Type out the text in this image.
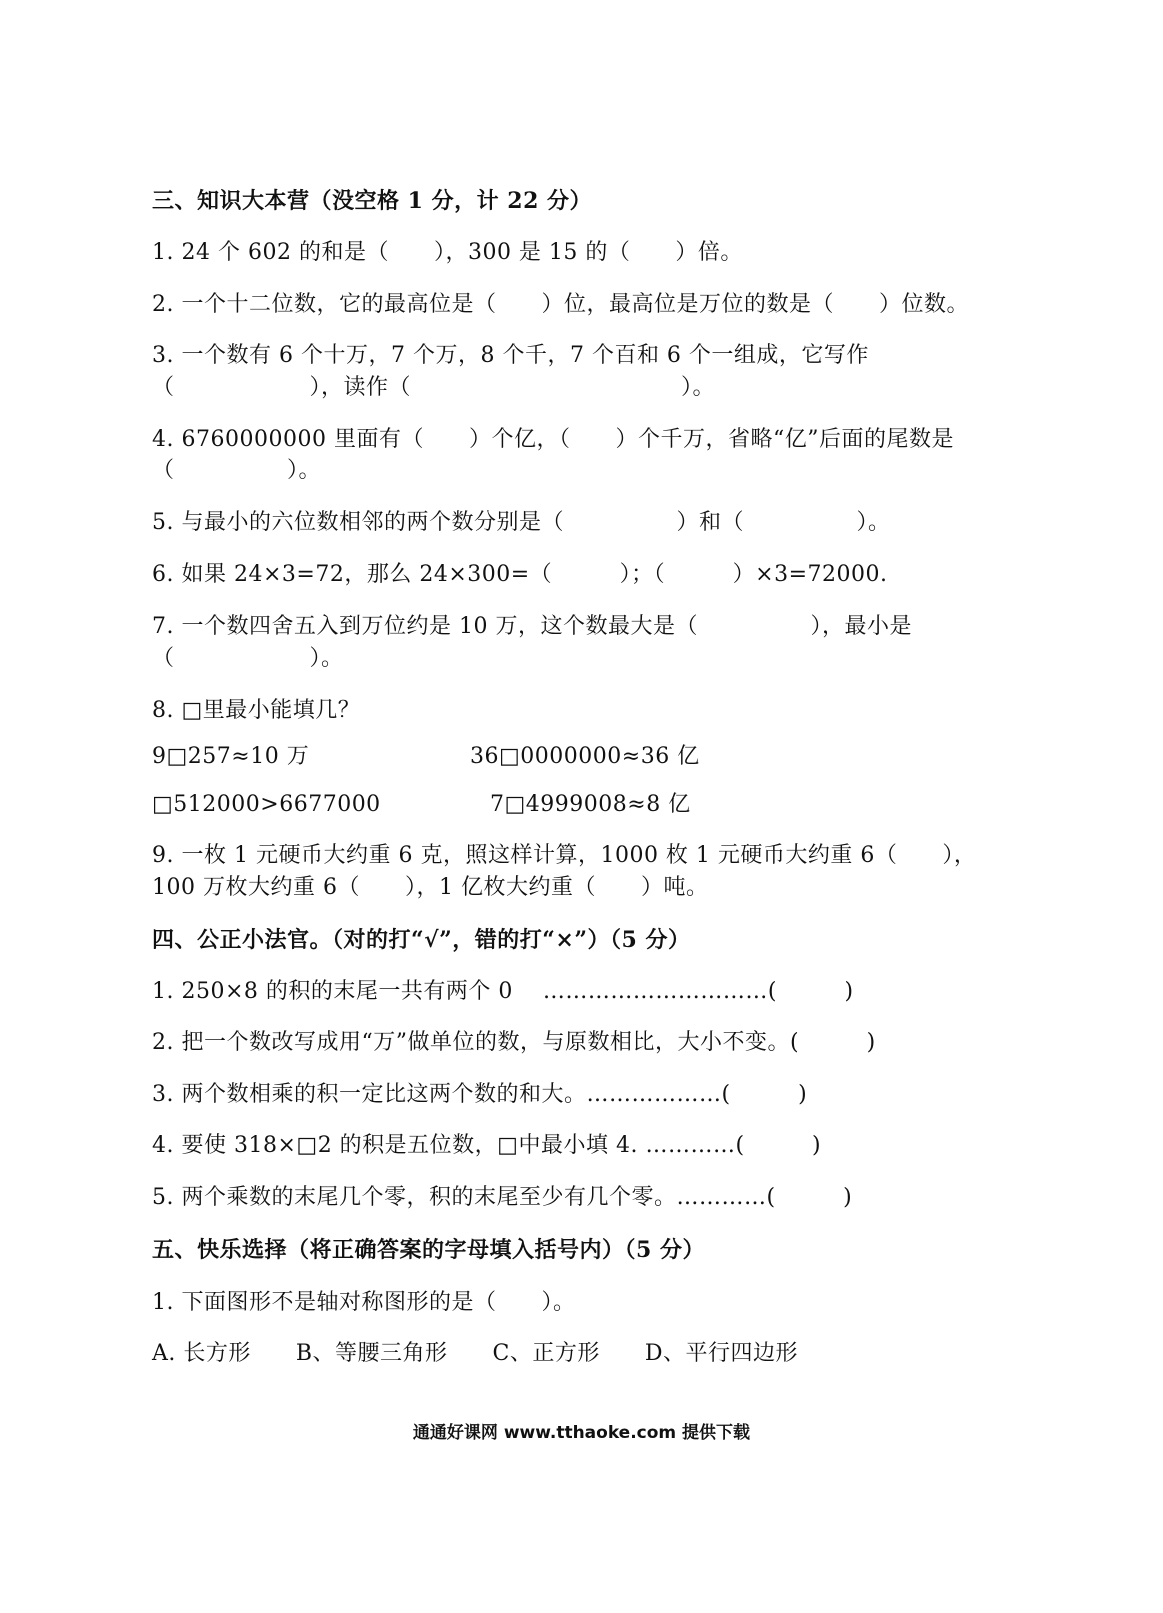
三、知识大本营（没空格 1 分，计 22 分）
1. 24 个 602 的和是（　　），300 是 15 的（　　）倍。
2. 一个十二位数，它的最高位是（　　）位，最高位是万位的数是（　　）位数。
3. 一个数有 6 个十万，7 个万，8 个千，7 个百和 6 个一组成，它写作
（　　　　　　），读作（　　　　　　　　　　　　）。
4. 6760000000 里面有（　　）个亿，（　　）个千万，省略“亿”后面的尾数是
（　　　　　）。
5. 与最小的六位数相邻的两个数分别是（　　　　　）和（　　　　　）。
6. 如果 24×3=72，那么 24×300=（　　　）；（　　　）×3=72000.
7. 一个数四舍五入到万位约是 10 万，这个数最大是（　　　　　），最小是
（　　　　　　）。
8. □里最小能填几？
9□257≈10 万	36□0000000≈36 亿
□512000>6677000	7□4999008≈8 亿
9. 一枚 1 元硬币大约重 6 克，照这样计算，1000 枚 1 元硬币大约重 6（　　），
100 万枚大约重 6（　　），1 亿枚大约重（　　）吨。
四、公正小法官。（对的打“√”，错的打“×”）（5 分）
1. 250×8 的积的末尾一共有两个 0 　…………………………(　　　)
2. 把一个数改写成用“万”做单位的数，与原数相比，大小不变。(　　　)
3. 两个数相乘的积一定比这两个数的和大。………………(　　　)
4. 要使 318×□2 的积是五位数，□中最小填 4. …………(　　　)
5. 两个乘数的末尾几个零，积的末尾至少有几个零。…………(　　　)
五、快乐选择（将正确答案的字母填入括号内）（5 分）
1. 下面图形不是轴对称图形的是（　　）。
A. 长方形　　B、等腰三角形　　C、正方形　　D、平行四边形
通通好课网 www.tthaoke.com 提供下载
